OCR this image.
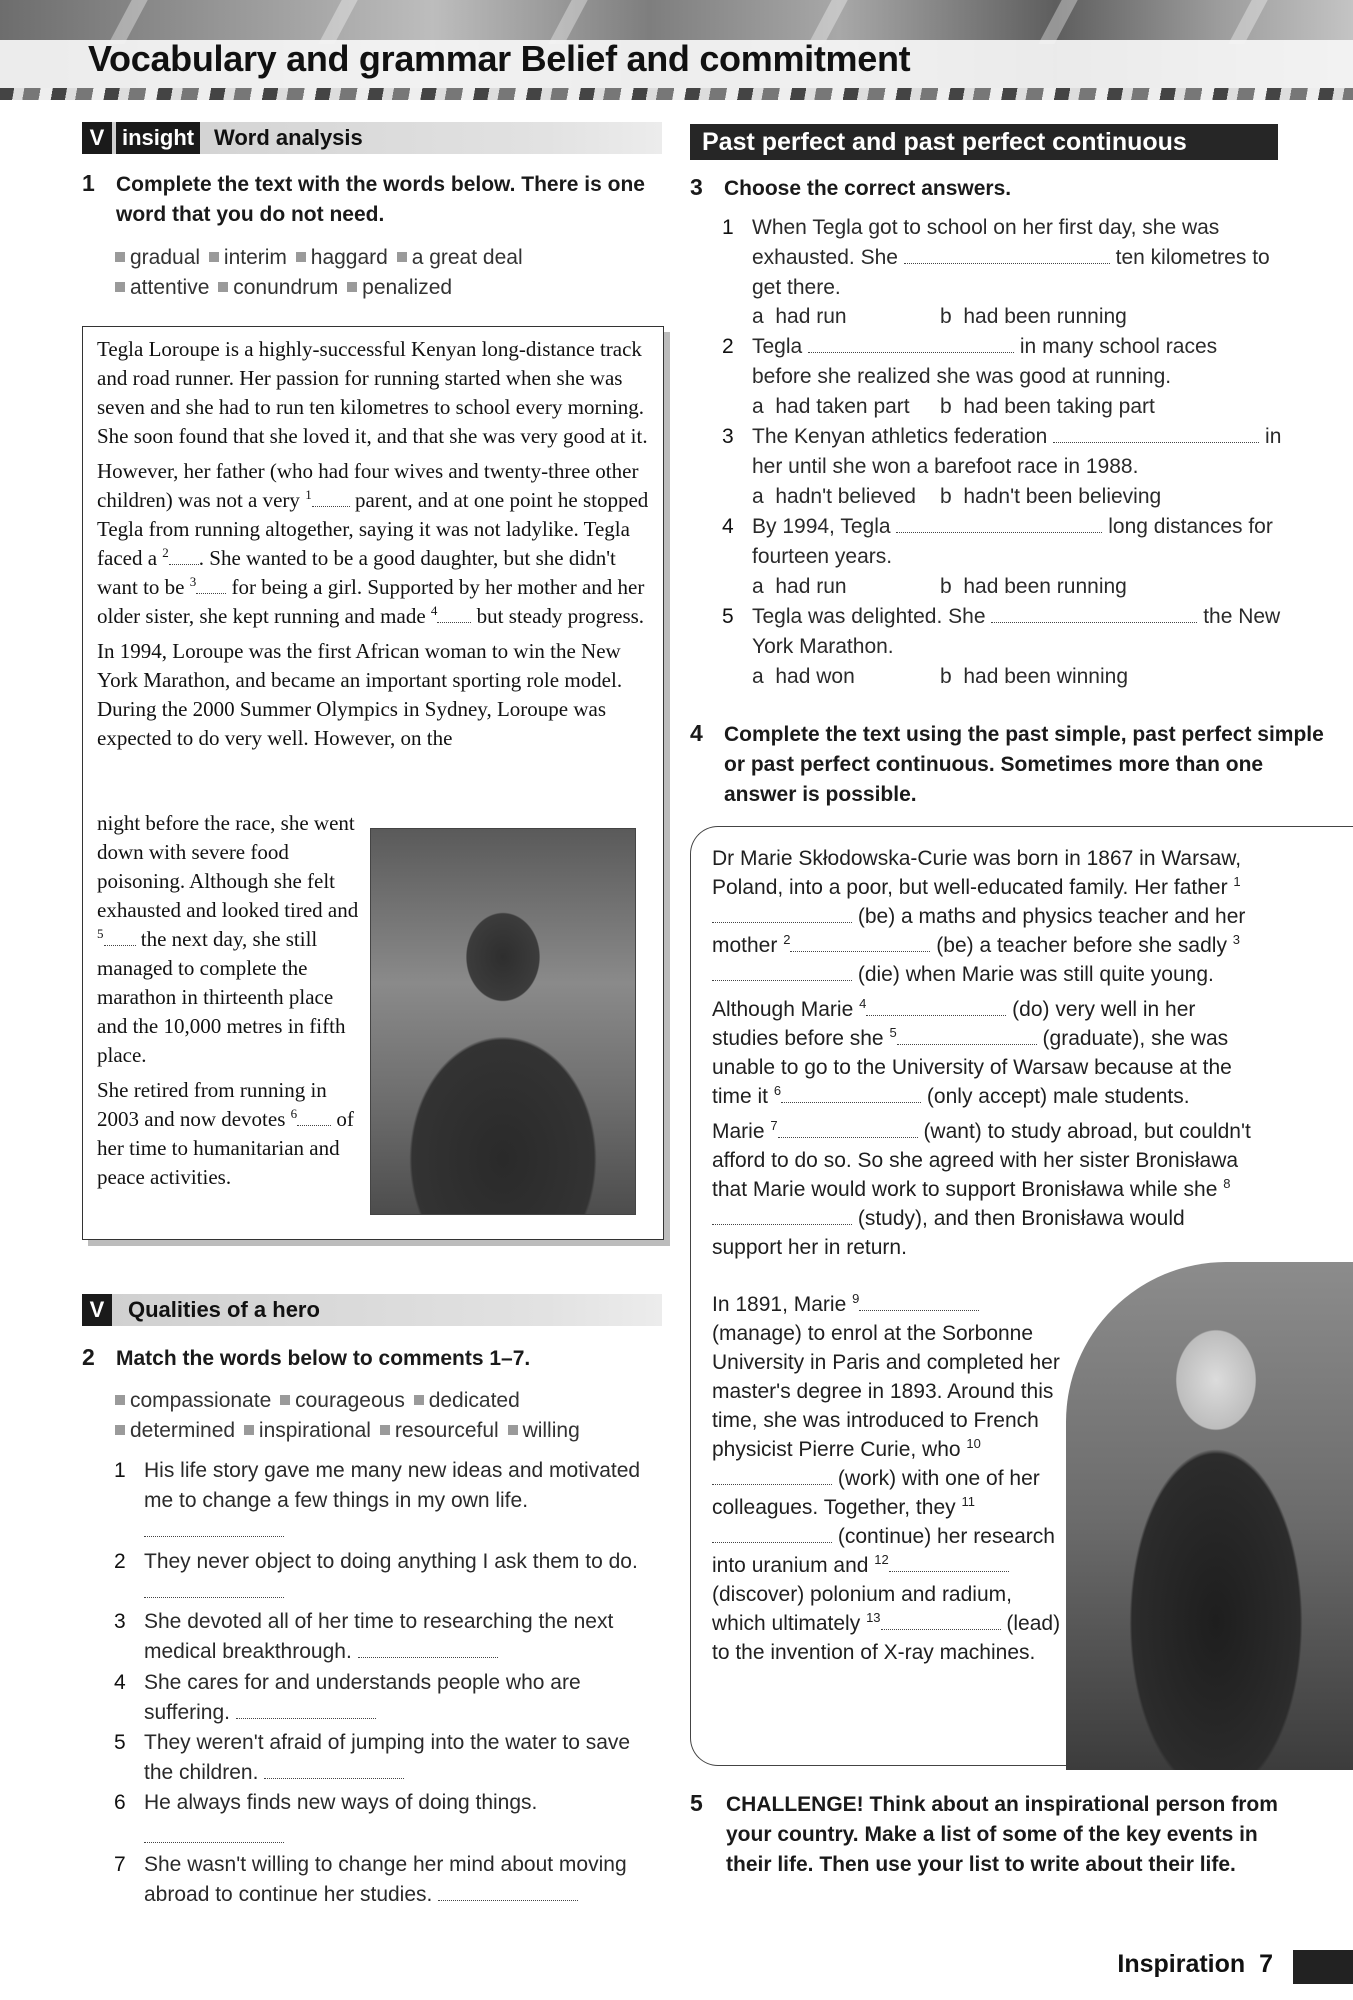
Vocabulary and grammar Belief and commitment
V insight Word analysis
1 Complete the text with the words below. There is one word that you do not need.
gradual interim haggard a great deal
attentive conundrum penalized

Tegla Loroupe is a highly-successful Kenyan long-distance track and road runner. Her passion for running started when she was seven and she had to run ten kilometres to school every morning. She soon found that she loved it, and that she was very good at it.

However, her father (who had four wives and twenty-three other children) was not a very $^1$ parent, and at one point he stopped Tegla from running altogether, saying it was not ladylike. Tegla faced a $^2$ . She wanted to be a good daughter, but she didn't want to be $^3$ for being a girl. Supported by her mother and her older sister, she kept running and made $^4$ but steady progress.

In 1994, Loroupe was the first African woman to win the New York Marathon, and became an important sporting role model. During the 2000 Summer Olympics in Sydney, Loroupe was expected to do very well. However, on the

night before the race, she went down with severe food poisoning. Although she felt exhausted and looked tired and $^5$ the next day, she still managed to complete the marathon in thirteenth place and the 10,000 metres in fifth place.

She retired from running in 2003 and now devotes $^6$ of her time to humanitarian and peace activities.

V	Qualities of a hero
2 Match the words below to comments 1–7.
compassionate courageous dedicated
determined inspirational resourceful willing
1 His life story gave me many new ideas and motivated me to change a few things in my own life.
2 They never object to doing anything I ask them to do.
3 She devoted all of her time to researching the next medical breakthrough.
4 She cares for and understands people who are suffering.
5 They weren't afraid of jumping into the water to save the children.
6 He always finds new ways of doing things.
7 She wasn't willing to change her mind about moving abroad to continue her studies.
Past perfect and past perfect continuous
3 Choose the correct answers.
1 When Tegla got to school on her first day, she was exhausted. She	ten kilometres to get there.
a had run	b had been running
2 Tegla	in many school races before she realized she was good at running.
a had taken part b had been taking part
3 The Kenyan athletics federation	in her until she won a barefoot race in 1988.
a hadn't believed b hadn't been believing
4 By 1994, Tegla	long distances for fourteen years.
a had run	b had been running
5 Tegla was delighted. She	the New York Marathon.
a had won	b had been winning
4 Complete the text using the past simple, past perfect simple or past perfect continuous. Sometimes more than one answer is possible.

Dr Marie Skłodowska-Curie was born in 1867 in Warsaw, Poland, into a poor, but well-educated family. Her father $^1$ (be) a maths and physics teacher and her mother $^2$	(be) a teacher before she sadly $^3$ (die) when Marie was still quite young.

Although Marie $^4$	(do) very well in her studies before she $^5$	(graduate), she was unable to go to the University of Warsaw because at the time it $^6$	(only accept) male students.

Marie $^7$	(want) to study abroad, but couldn't afford to do so. So she agreed with her sister Bronisława that Marie would work to support Bronisława while she $^8$ (study), and then Bronisława would support her in return.

In 1891, Marie $^9$ (manage) to enrol at the Sorbonne University in Paris and completed her master's degree in 1893. Around this time, she was introduced to French physicist Pierre Curie, who $^{10}$ (work) with one of her colleagues. Together, they $^{11}$ (continue) her research into uranium and $^{12}$ (discover) polonium and radium, which ultimately $^{13}$	(lead) to the invention of X-ray machines.

5 CHALLENGE! Think about an inspirational person from your country. Make a list of some of the key events in their life. Then use your list to write about their life.
Inspiration 7
